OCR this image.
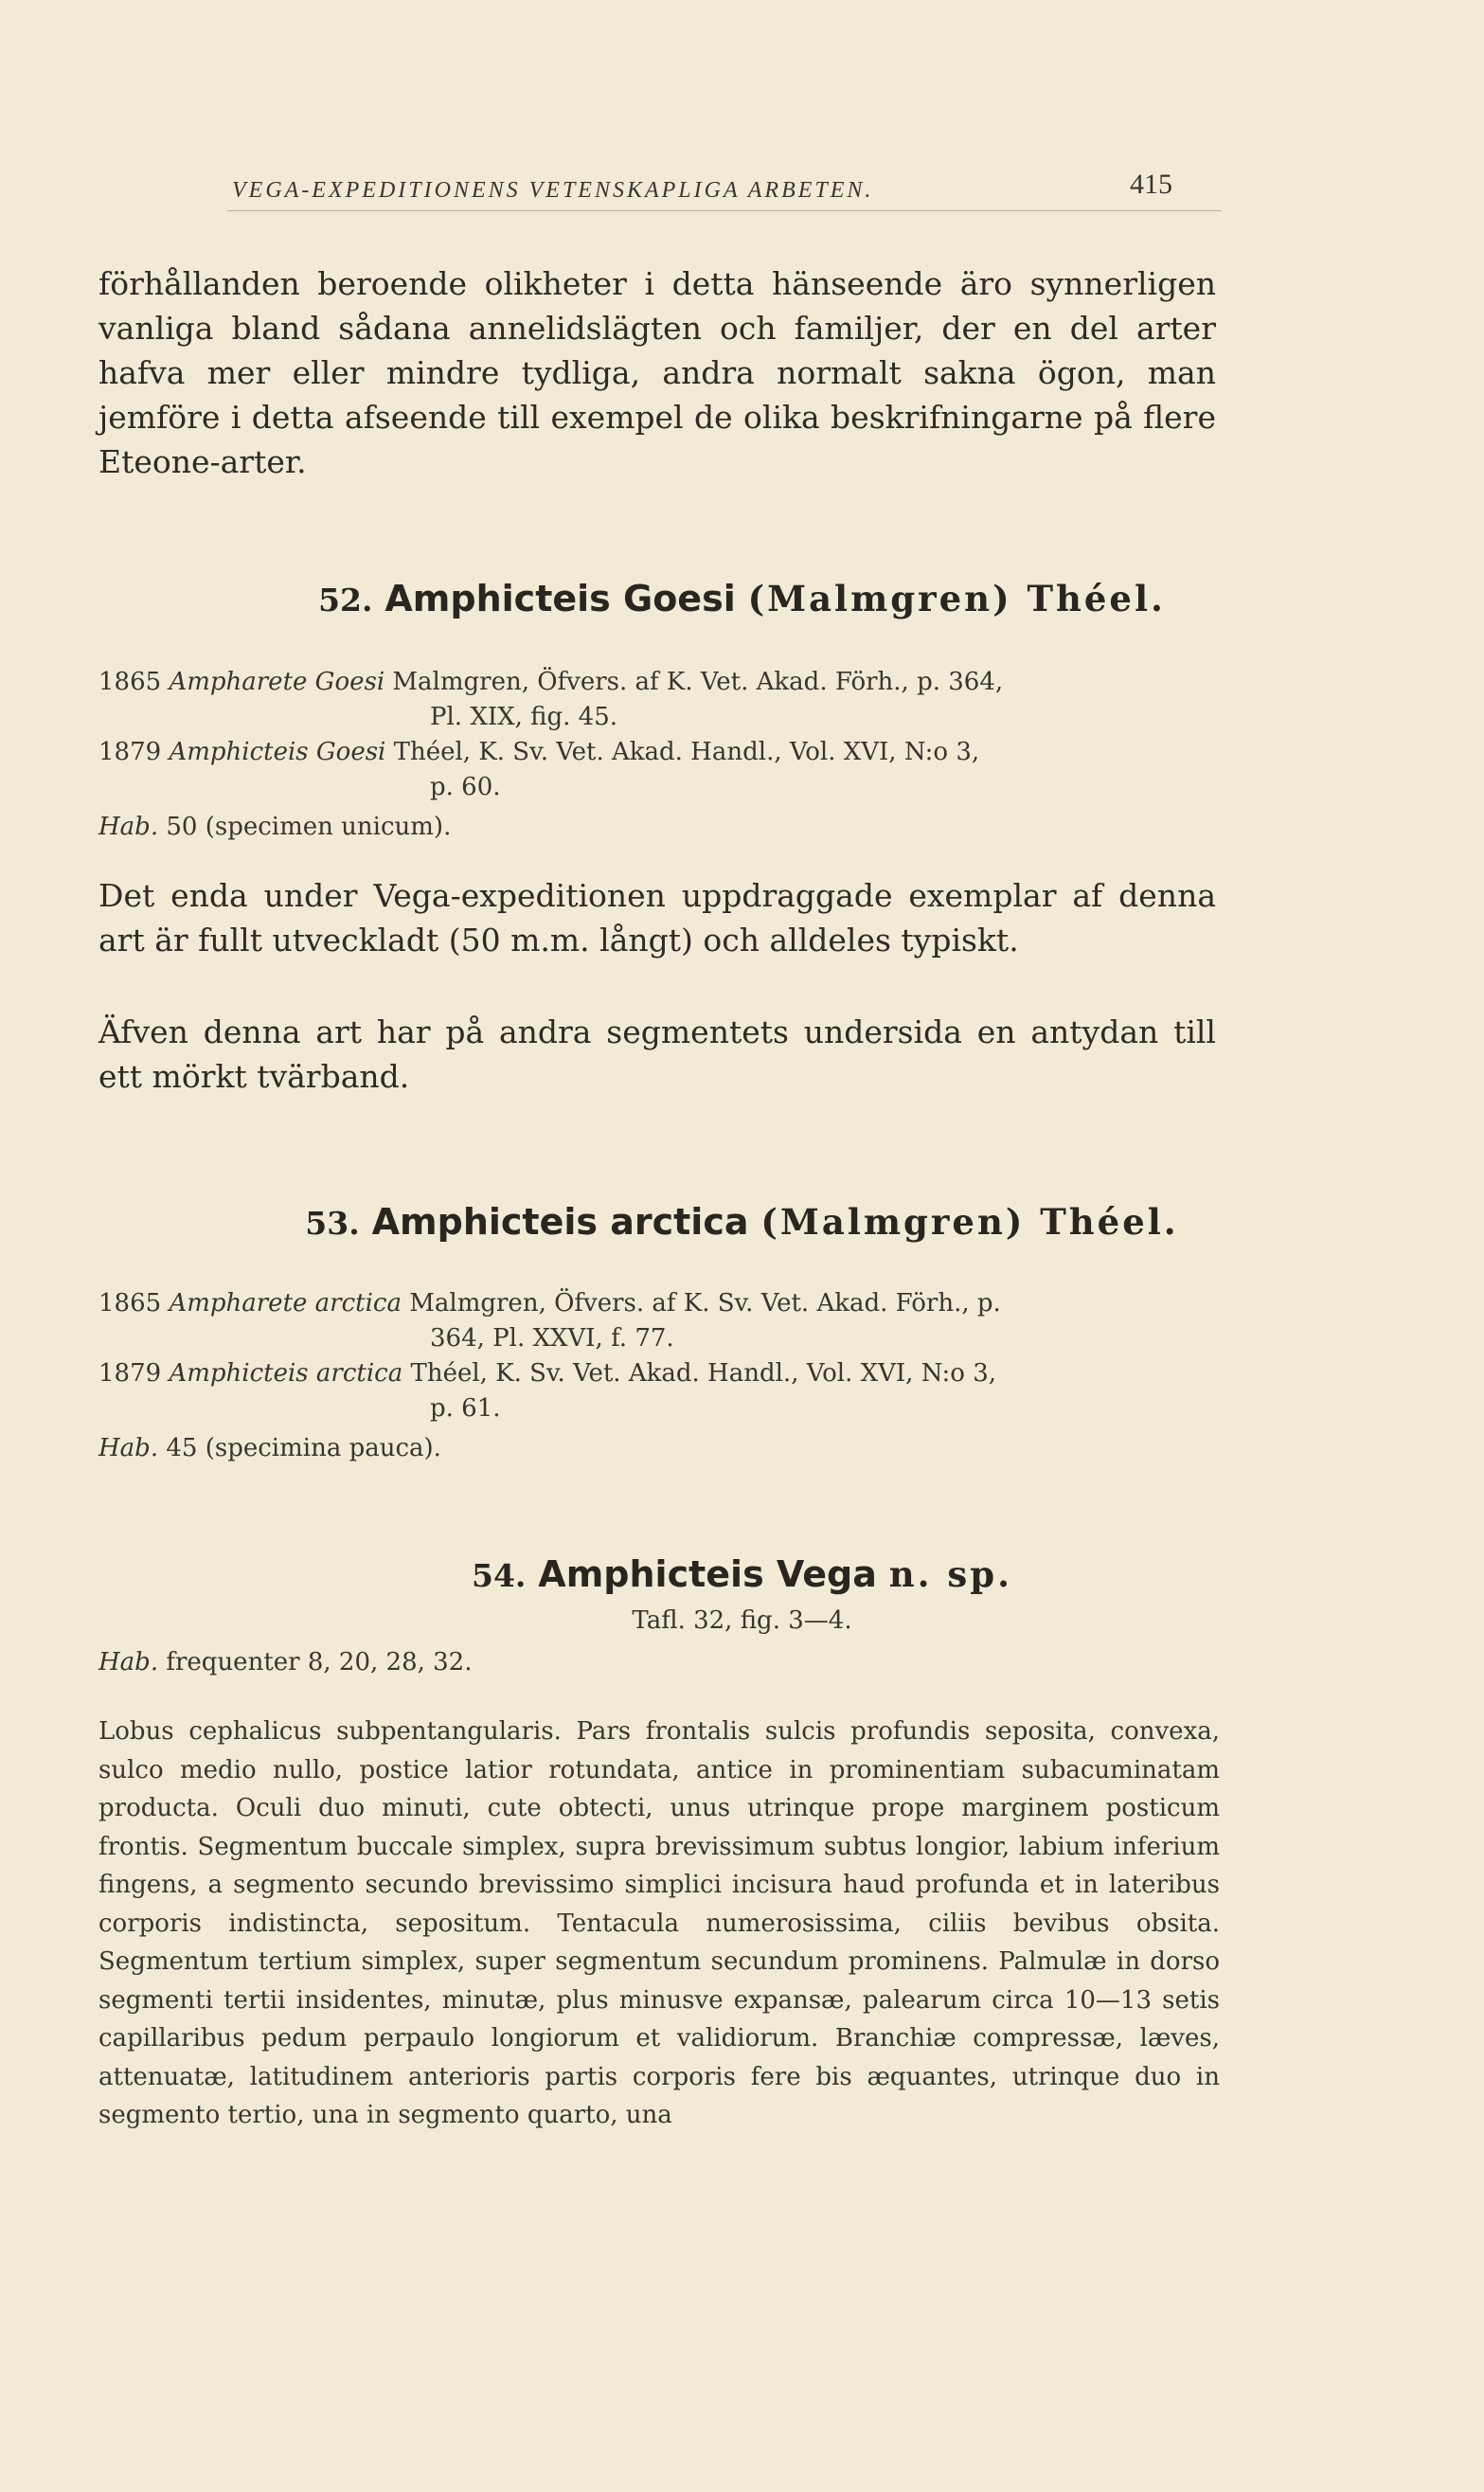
VEGA-EXPEDITIONENS VETENSKAPLIGA ARBETEN.	415

förhållanden beroende olikheter i detta hänseende äro synnerligen vanliga bland sådana annelidslägten och familjer, der en del arter hafva mer eller mindre tydliga, andra normalt sakna ögon, man jemföre i detta afseende till exempel de olika beskrifningarne på flere Eteone-arter.

52. Amphicteis Goesi (Malmgren) Théel.
1865 Ampharete Goesi Malmgren, Öfvers. af K. Vet. Akad. Förh., p. 364,
Pl. XIX, fig. 45.
1879 Amphicteis Goesi Théel, K. Sv. Vet. Akad. Handl., Vol. XVI, N:o 3,
p. 60.
Hab. 50 (specimen unicum).

Det enda under Vega-expeditionen uppdraggade exemplar af denna art är fullt utveckladt (50 m.m. långt) och alldeles typiskt.

Äfven denna art har på andra segmentets undersida en antydan till ett mörkt tvärband.

53. Amphicteis arctica (Malmgren) Théel.
1865 Ampharete arctica Malmgren, Öfvers. af K. Sv. Vet. Akad. Förh., p.
364, Pl. XXVI, f. 77.
1879 Amphicteis arctica Théel, K. Sv. Vet. Akad. Handl., Vol. XVI, N:o 3,
p. 61.
Hab. 45 (specimina pauca).
54. Amphicteis Vega n. sp.
Tafl. 32, fig. 3—4.
Hab. frequenter 8, 20, 28, 32.

Lobus cephalicus subpentangularis. Pars frontalis sulcis profundis seposita, convexa, sulco medio nullo, postice latior rotundata, antice in prominentiam subacuminatam producta. Oculi duo minuti, cute obtecti, unus utrinque prope marginem posticum frontis. Segmentum buccale simplex, supra brevissimum subtus longior, labium inferium fingens, a segmento secundo brevissimo simplici incisura haud profunda et in lateribus corporis indistincta, sepositum. Tentacula numerosissima, ciliis bevibus obsita. Segmentum tertium simplex, super segmentum secundum prominens. Palmulæ in dorso segmenti tertii insidentes, minutæ, plus minusve expansæ, palearum circa 10—13 setis capillaribus pedum perpaulo longiorum et validiorum. Branchiæ compressæ, læves, attenuatæ, latitudinem anterioris partis corporis fere bis æquantes, utrinque duo in segmento tertio, una in segmento quarto, una
